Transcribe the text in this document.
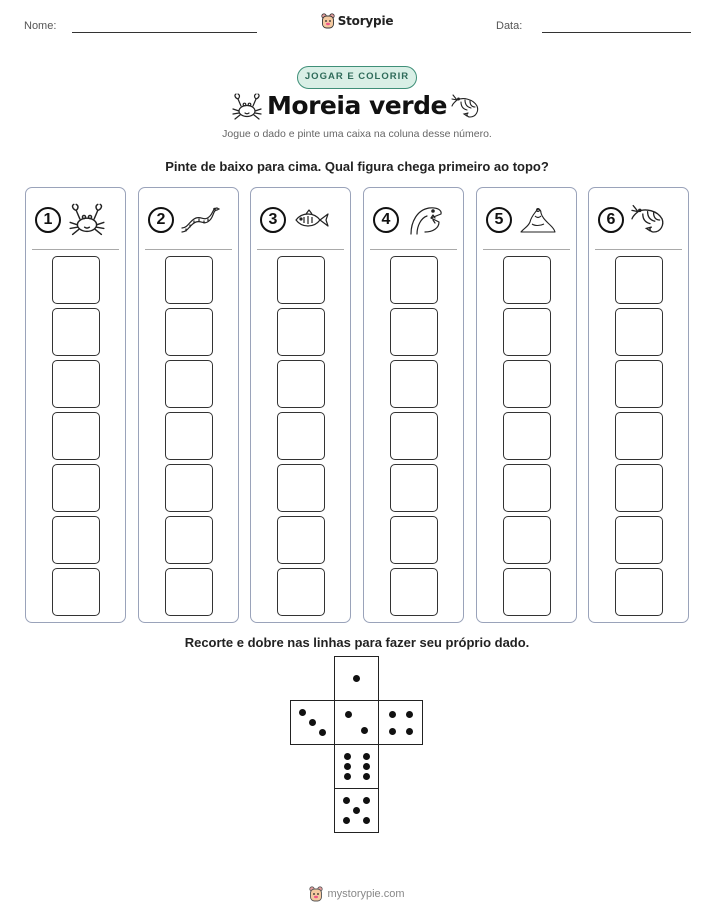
Nome:	Storypie	Data:
JOGAR E COLORIR
Moreia verde
Jogue o dado e pinte uma caixa na coluna desse número.
Pinte de baixo para cima. Qual figura chega primeiro ao topo?
1	2	3	4	5	6
Recorte e dobre nas linhas para fazer seu próprio dado.
mystorypie.com
